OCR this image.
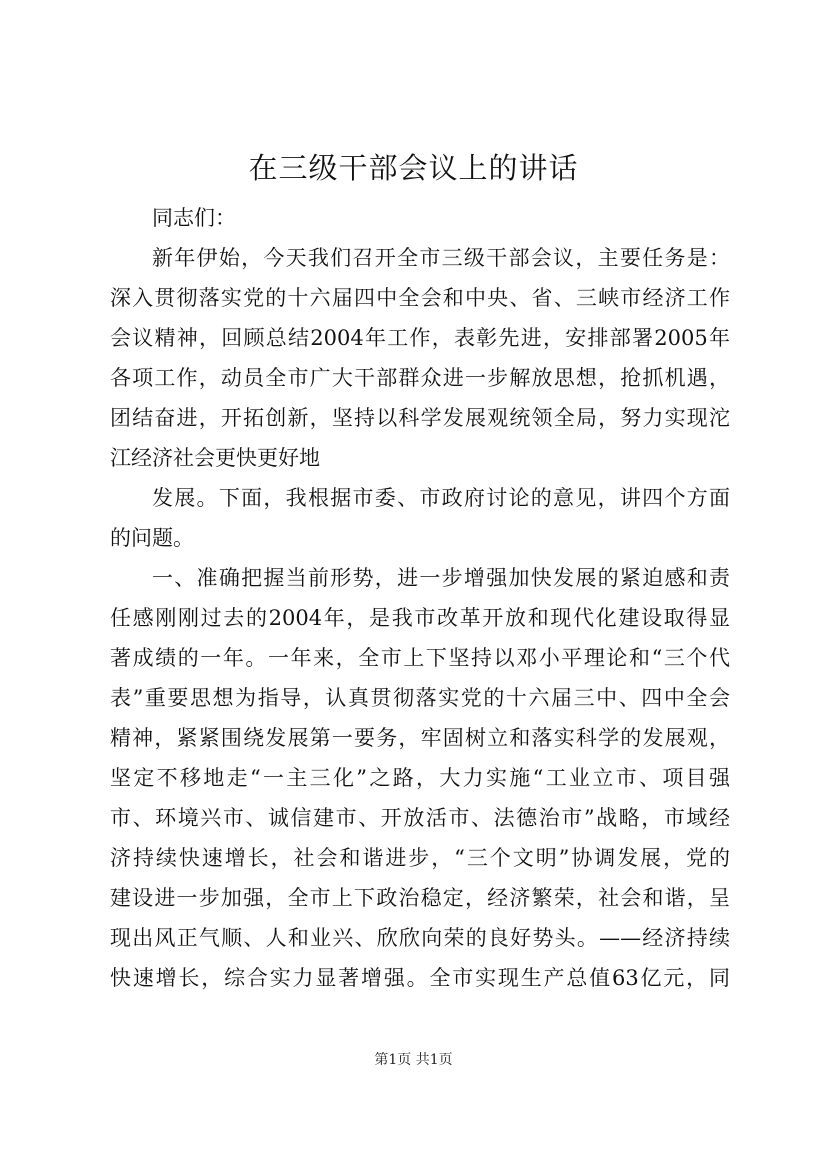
在三级干部会议上的讲话
同志们：
新年伊始，今天我们召开全市三级干部会议，主要任务是：
深入贯彻落实党的十六届四中全会和中央、省、三峡市经济工作
会议精神，回顾总结2004年工作，表彰先进，安排部署2005年
各项工作，动员全市广大干部群众进一步解放思想，抢抓机遇，
团结奋进，开拓创新，坚持以科学发展观统领全局，努力实现沱
江经济社会更快更好地
发展。下面，我根据市委、市政府讨论的意见，讲四个方面
的问题。
一、准确把握当前形势，进一步增强加快发展的紧迫感和责
任感刚刚过去的2004年，是我市改革开放和现代化建设取得显
著成绩的一年。一年来，全市上下坚持以邓小平理论和“三个代
表”重要思想为指导，认真贯彻落实党的十六届三中、四中全会
精神，紧紧围绕发展第一要务，牢固树立和落实科学的发展观，
坚定不移地走“一主三化”之路，大力实施“工业立市、项目强
市、环境兴市、诚信建市、开放活市、法德治市”战略，市域经
济持续快速增长，社会和谐进步，“三个文明”协调发展，党的
建设进一步加强，全市上下政治稳定，经济繁荣，社会和谐，呈
现出风正气顺、人和业兴、欣欣向荣的良好势头。——经济持续
快速增长，综合实力显著增强。全市实现生产总值63亿元，同
第1页 共1页
